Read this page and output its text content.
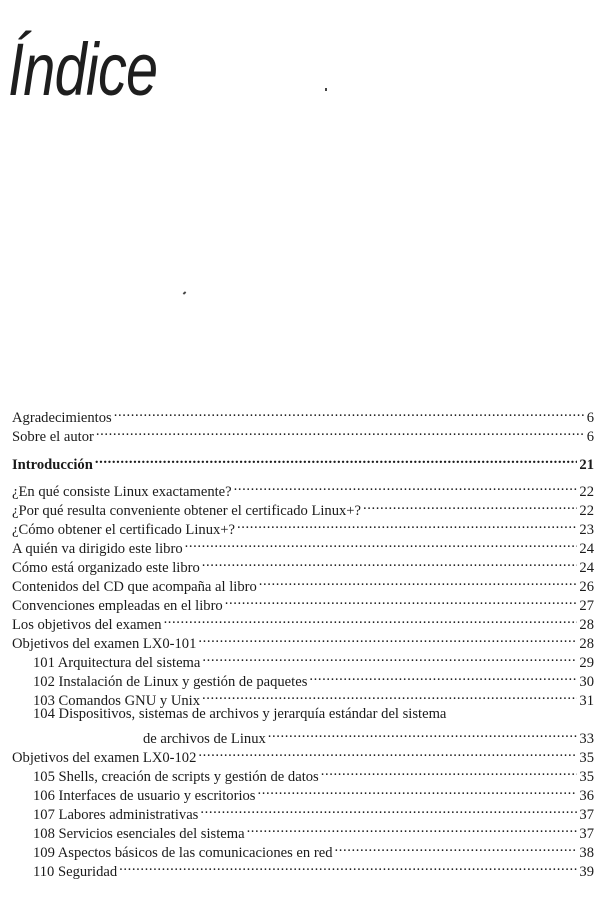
Índice
Agradecimientos .....	6
Sobre el autor .....	6
Introducción .....	21
¿En qué consiste Linux exactamente? .....	22
¿Por qué resulta conveniente obtener el certificado Linux+? .....	22
¿Cómo obtener el certificado Linux+? .....	23
A quién va dirigido este libro .....	24
Cómo está organizado este libro .....	24
Contenidos del CD que acompaña al libro .....	26
Convenciones empleadas en el libro .....	27
Los objetivos del examen .....	28
Objetivos del examen LX0-101 .....	28
101 Arquitectura del sistema .....	29
102 Instalación de Linux y gestión de paquetes .....	30
103 Comandos GNU y Unix .....	31
104 Dispositivos, sistemas de archivos y jerarquía estándar del sistema
de archivos de Linux .....	33
Objetivos del examen LX0-102 .....	35
105 Shells, creación de scripts y gestión de datos .....	35
106 Interfaces de usuario y escritorios .....	36
107 Labores administrativas .....	37
108 Servicios esenciales del sistema .....	37
109 Aspectos básicos de las comunicaciones en red .....	38
110 Seguridad .....	39
